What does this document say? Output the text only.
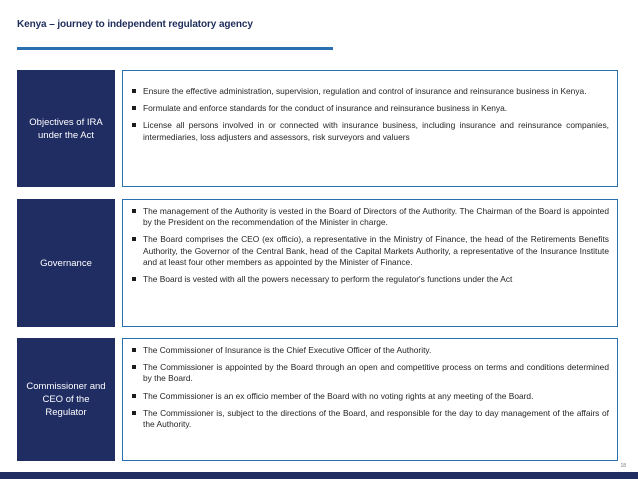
Kenya – journey to independent regulatory agency
Objectives of IRA
under the Act
Ensure the effective administration, supervision, regulation and control of insurance and reinsurance business in Kenya.
Formulate and enforce standards for the conduct of insurance and reinsurance business in Kenya.
License all persons involved in or connected with insurance business, including insurance and reinsurance companies, intermediaries, loss adjusters and assessors, risk surveyors and valuers
Governance
The management of the Authority is vested in the Board of Directors of the Authority. The Chairman of the Board is appointed by the President on the recommendation of the Minister in charge.
The Board comprises the CEO (ex officio), a representative in the Ministry of Finance, the head of the Retirements Benefits Authority, the Governor of the Central Bank, head of the Capital Markets Authority, a representative of the Insurance Institute and at least four other members as appointed by the Minister of Finance.
The Board is vested with all the powers necessary to perform the regulator's functions under the Act
Commissioner and
CEO of the
Regulator
The Commissioner of Insurance is the Chief Executive Officer of the Authority.
The Commissioner is appointed by the Board through an open and competitive process on terms and conditions determined by the Board.
The Commissioner is an ex officio member of the Board with no voting rights at any meeting of the Board.
The Commissioner is, subject to the directions of the Board, and responsible for the day to day management of the affairs of the Authority.
18
